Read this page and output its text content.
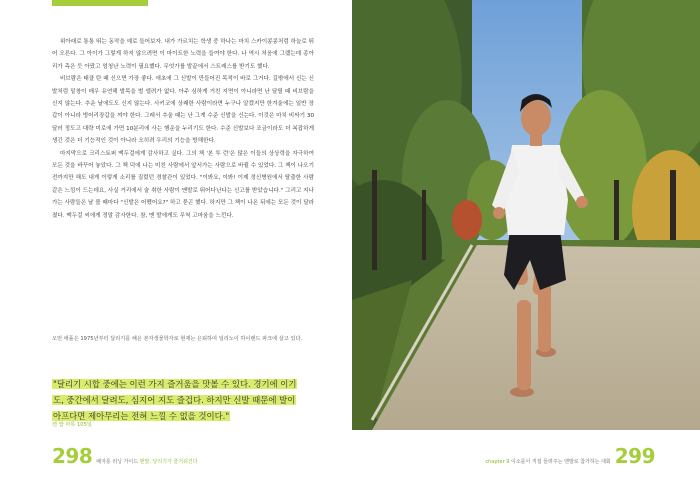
위아래로 통통 뛰는 동작을 예로 들어보자. 내가 가르치는 학생 중 하나는 마치 스카이콩콩처럼 하늘로 뛰어 오른다. 그 아이가 그렇게 하지 않으려면 이 마이트한 노력을 들여야 한다. 나 역시 처음에 그랬는데 종아리가 측은 듯 아팠고 엄청난 노력이 필요했다. 무엇가를 발끝에서 스트레스를 받기도 했다.

비브람은 태클 탄 때 신으면 가장 좋다. 애초에 그 신발이 만들어진 목적이 바로 그거다. 길밖에서 신는 신발처럼 밑창이 매우 유연해 발목을 벌 엘려가 없다. 아주 심하게 거친 지면이 아니라면 난 달릴 때 비브람을 신지 않는다. 추운 날에도도 신지 않는다. 사키코에 상쾌한 사람이라면 누구나 알겠지만 한겨울에는 일반 장갑이 아니라 벙어리장갑을 껴야 한다. 그래서 추울 때는 난 그게 수준 신발을 신는다. 이것은 마치 비싸기 30달러 정도고 대략 미로에 가면 10분리에 사는 행운을 누리기도 한다. 수준 신발보다 조금이라도 더 복잡하게 생긴 것은 더 기능적인 것이 아니라 오히려 우리의 기능을 방해한다.

마지막으로 크리스토퍼 맥두걸에게 감사하고 싶다. 그의 책 '본 투 런'은 많은 이들의 상상력을 자극하여 모든 것을 바꾸어 놓았다. 그 책 덕에 나는 미친 사람에서 앞서가는 사람으로 바뀔 수 있었다. 그 책이 나오기 전까지만 해도 내게 이렇게 소리를 질렀던 경찰관이 있었다. "이봐요, 이봐! 이제 정신병원에서 탈출한 사람 같은 느낌이 드는데요, 사실 거리에서 술 취한 사람이 맨발로 뛰어다닌다는 신고를 받았습니다." 그리고 지나가는 사람들은 날 볼 때마다 "신발은 어쨌어요?" 하고 묻곤 했다. 하지만 그 책이 나온 뒤에는 모든 것이 달라졌다. 맥두걸 씨에게 정말 감사한다. 참, 맨 발에게도 무척 고마움을 느낀다.

오먼 애플은 1975년부터 달리기를 해온 본자생물학자로 현재는 은퇴하여 일리노이 하이랜드 파크에 살고 있다.
"달리기 시합 중에는 이런 가지 즐거움을 맛볼 수 있다. 경기에 이기
도, 중간에서 달려도, 심지어 지도 즐겁다. 하지만 신발 때문에 발이
아프다면 제아무리는 전혀 느낄 수 없을 것이다."
켄 밥 마톡 105일
298 배자롱 러닝 가이드 맨발, 달리기가 즐거워진다	chapter 9 이소를이 직접 들려주는 맨발로 참가하는 대회 299
